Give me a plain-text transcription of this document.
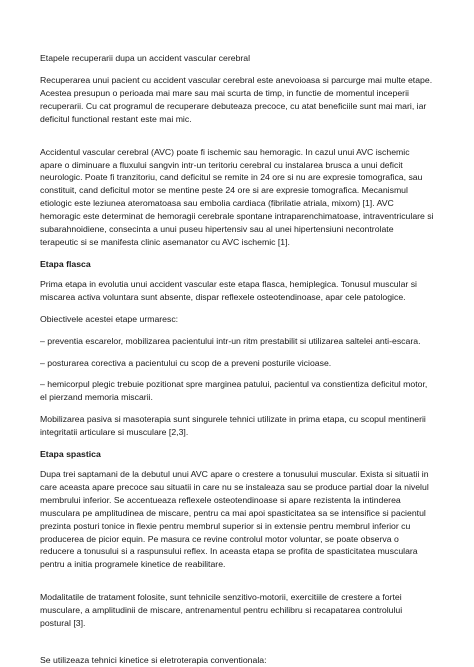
Etapele recuperarii dupa un accident vascular cerebral

Recuperarea unui pacient cu accident vascular cerebral este anevoioasa si parcurge mai multe etape. Acestea presupun o perioada mai mare sau mai scurta de timp, in functie de momentul inceperii recuperarii. Cu cat programul de recuperare debuteaza precoce, cu atat beneficiile sunt mai mari, iar deficitul functional restant este mai mic.

Accidentul vascular cerebral (AVC) poate fi ischemic sau hemoragic. In cazul unui AVC ischemic apare o diminuare a fluxului sangvin intr-un teritoriu cerebral cu instalarea brusca a unui deficit neurologic. Poate fi tranzitoriu, cand deficitul se remite in 24 ore si nu are expresie tomografica, sau constituit, cand deficitul motor se mentine peste 24 ore si are expresie tomografica. Mecanismul etiologic este leziunea ateromatoasa sau embolia cardiaca (fibrilatie atriala, mixom) [1]. AVC hemoragic este determinat de hemoragii cerebrale spontane intraparenchimatoase, intraventriculare si subarahnoidiene, consecinta a unui puseu hipertensiv sau al unei hipertensiuni necontrolate terapeutic si se manifesta clinic asemanator cu AVC ischemic [1].

Etapa flasca

Prima etapa in evolutia unui accident vascular este etapa flasca, hemiplegica. Tonusul muscular si miscarea activa voluntara sunt absente, dispar reflexele osteotendinoase, apar cele patologice.

Obiectivele acestei etape urmaresc:

– preventia escarelor, mobilizarea pacientului intr-un ritm prestabilit si utilizarea saltelei anti-escara.

– posturarea corectiva a pacientului cu scop de a preveni posturile vicioase.

– hemicorpul plegic trebuie pozitionat spre marginea patului, pacientul va constientiza deficitul motor, el pierzand memoria miscarii.

Mobilizarea pasiva si masoterapia sunt singurele tehnici utilizate in prima etapa, cu scopul mentinerii integritatii articulare si musculare [2,3].

Etapa spastica

Dupa trei saptamani de la debutul unui AVC apare o crestere a tonusului muscular. Exista si situatii in care aceasta apare precoce sau situatii in care nu se instaleaza sau se produce partial doar la nivelul membrului inferior. Se accentueaza reflexele osteotendinoase si apare rezistenta la intinderea musculara pe amplitudinea de miscare, pentru ca mai apoi spasticitatea sa se intensifice si pacientul prezinta posturi tonice in flexie pentru membrul superior si in extensie pentru membrul inferior cu producerea de picior equin. Pe masura ce revine controlul motor voluntar, se poate observa o reducere a tonusului si a raspunsului reflex. In aceasta etapa se profita de spasticitatea musculara pentru a initia programele kinetice de reabilitare.

Modalitatile de tratament folosite, sunt tehnicile senzitivo-motorii, exercitiile de crestere a fortei musculare, a amplitudinii de miscare, antrenamentul pentru echilibru si recapatarea controlului postural [3].

Se utilizeaza tehnici kinetice si eletroterapia conventionala:
